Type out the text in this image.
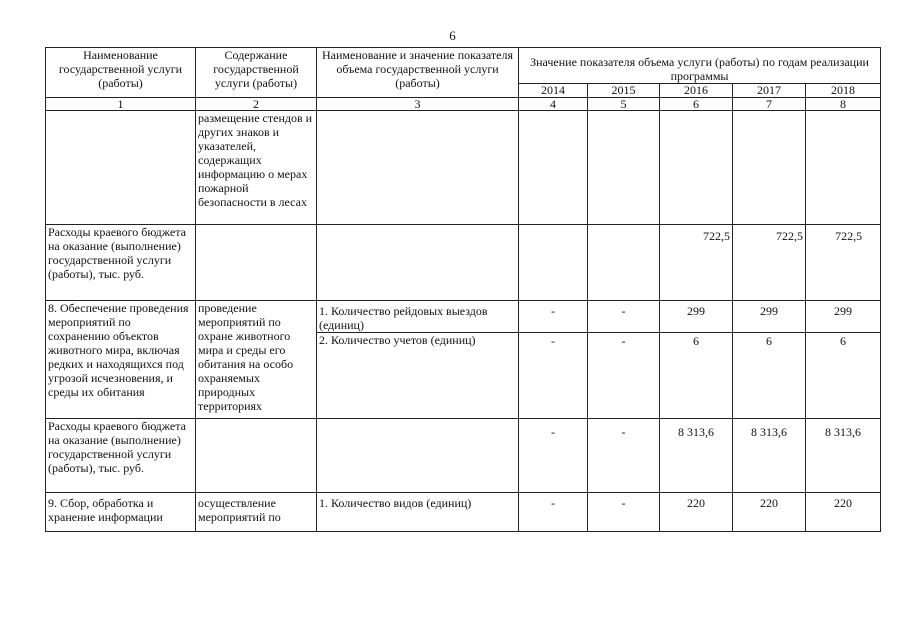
6
Наименование государственной услуги (работы)	Содержание государственной услуги (работы)	Наименование и значение показателя объема государственной услуги (работы)	Значение показателя объема услуги (работы) по годам реализации программы				
			2014	2015	2016	2017	2018
1	2	3	4	5	6	7	8
	размещение стендов и других знаков и указателей, содержащих информацию о мерах пожарной безопасности в лесах						
Расходы краевого бюджета на оказание (выполнение) государственной услуги (работы), тыс. руб.					722,5	722,5	722,5
8. Обеспечение проведения мероприятий по сохранению объектов животного мира, включая редких и находящихся под угрозой исчезновения, и среды их обитания	проведение мероприятий по охране животного мира и среды его обитания на особо охраняемых природных территориях	1. Количество рейдовых выездов (единиц)	-	-	299	299	299
		2. Количество учетов (единиц)	-	-	6	6	6
Расходы краевого бюджета на оказание (выполнение) государственной услуги (работы), тыс. руб.			-	-	8 313,6	8 313,6	8 313,6
9. Сбор, обработка и хранение информации	осуществление мероприятий по	1. Количество видов (единиц)	-	-	220	220	220
